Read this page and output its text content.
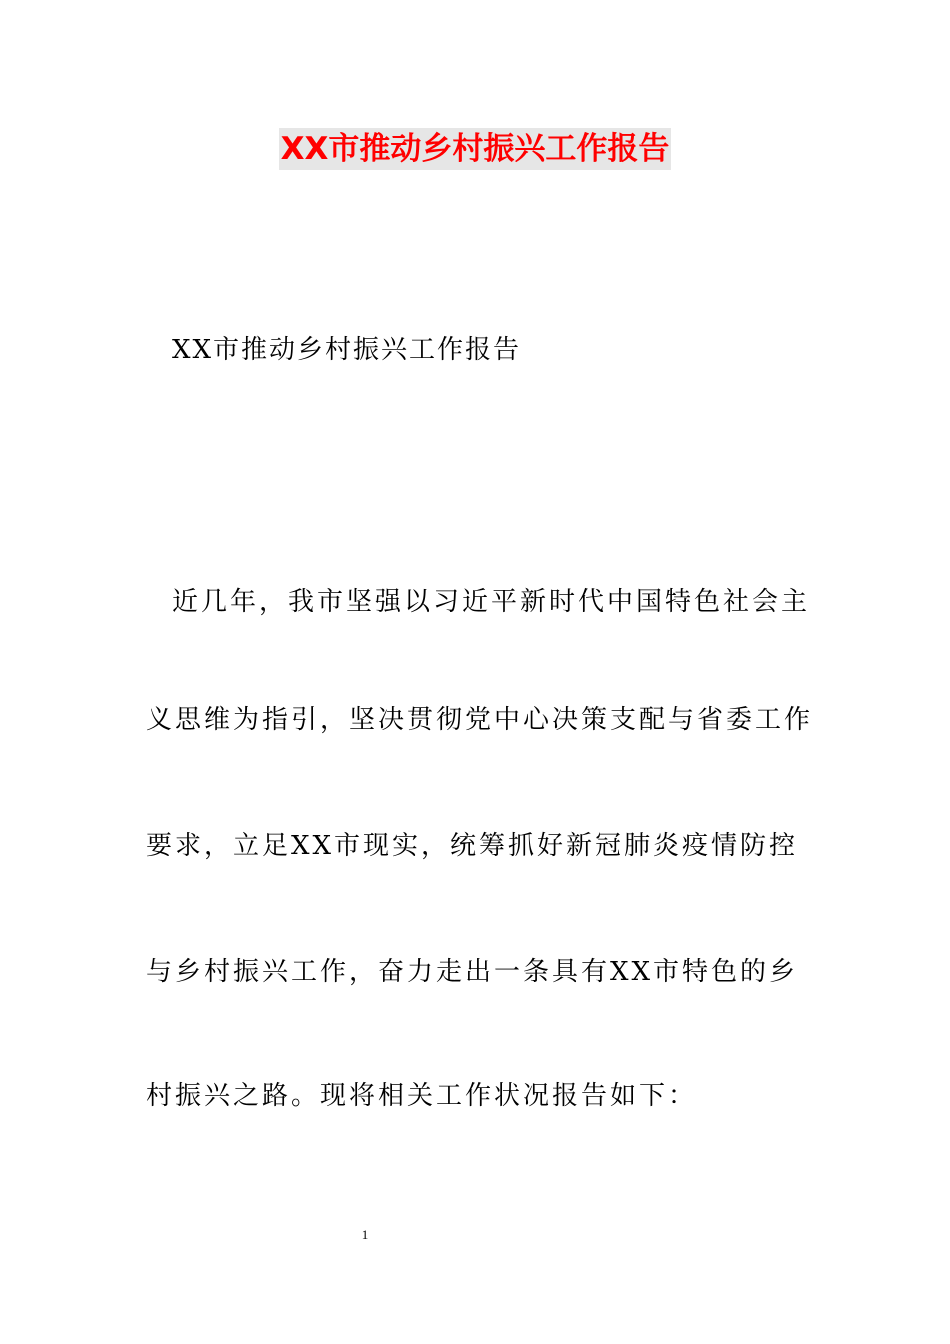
XX市推动乡村振兴工作报告
XX市推动乡村振兴工作报告
近几年，我市坚强以习近平新时代中国特色社会主
义思维为指引，坚决贯彻党中心决策支配与省委工作
要求，立足XX市现实，统筹抓好新冠肺炎疫情防控
与乡村振兴工作，奋力走出一条具有XX市特色的乡
村振兴之路。现将相关工作状况报告如下：
1
